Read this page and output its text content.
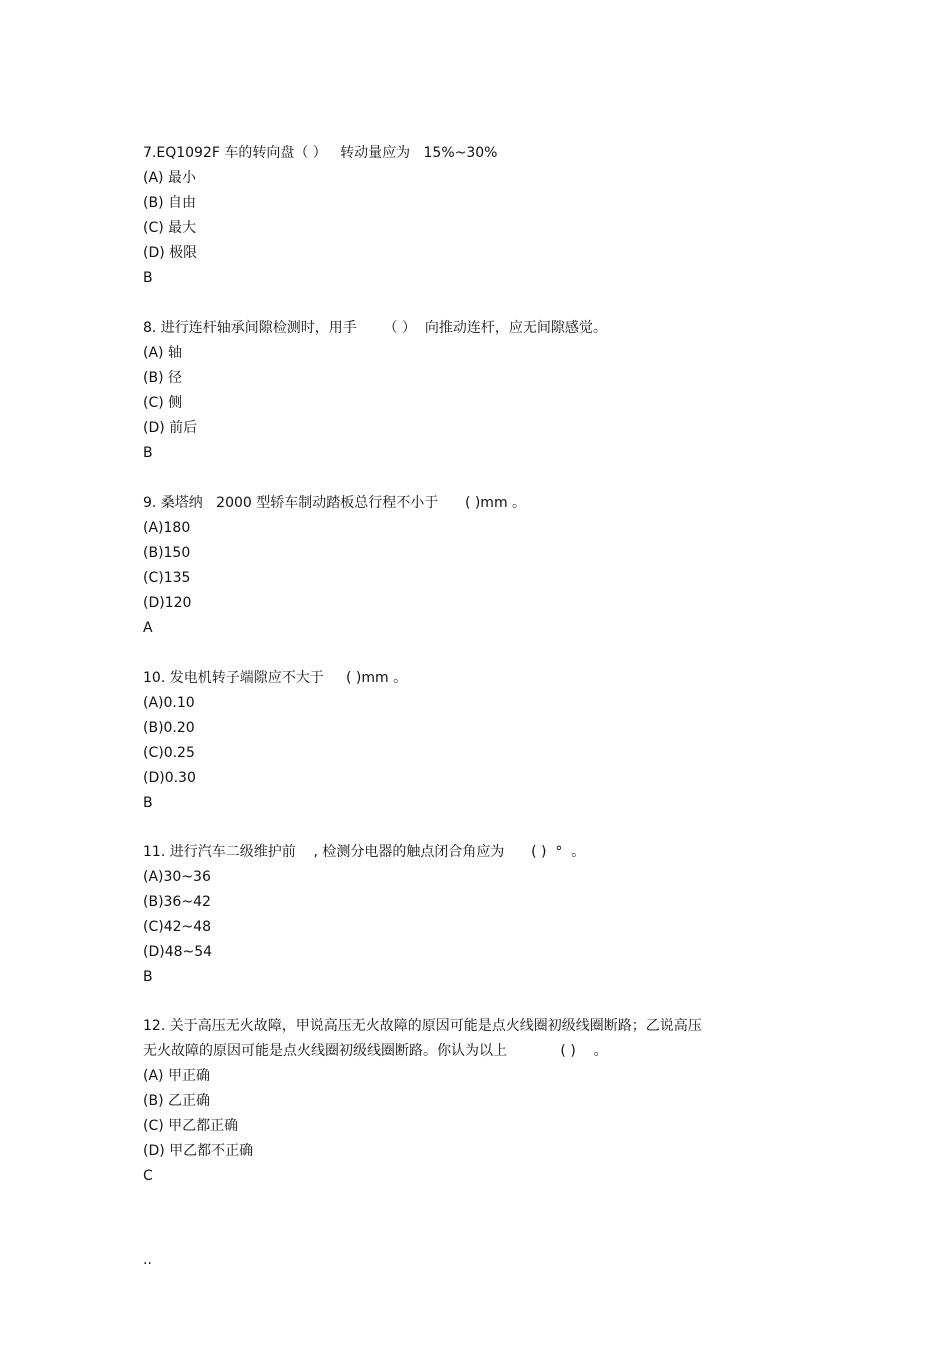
7.EQ1092F 车的转向盘（ ）   转动量应为   15%~30%
(A) 最小
(B) 自由
(C) 最大
(D) 极限
B
8. 进行连杆轴承间隙检测时，用手      （ ）  向推动连杆，应无间隙感觉。
(A) 轴
(B) 径
(C) 侧
(D) 前后
B
9. 桑塔纳   2000 型轿车制动踏板总行程不小于      ( )mm 。
(A)180
(B)150
(C)135
(D)120
A
10. 发电机转子端隙应不大于     ( )mm 。
(A)0.10
(B)0.20
(C)0.25
(D)0.30
B
11. 进行汽车二级维护前    , 检测分电器的触点闭合角应为      ( )  °  。
(A)30~36
(B)36~42
(C)42~48
(D)48~54
B
12. 关于高压无火故障，甲说高压无火故障的原因可能是点火线圈初级线圈断路；乙说高压
无火故障的原因可能是点火线圈初级线圈断路。你认为以上            ( )    。
(A) 甲正确
(B) 乙正确
(C) 甲乙都正确
(D) 甲乙都不正确
C
..
